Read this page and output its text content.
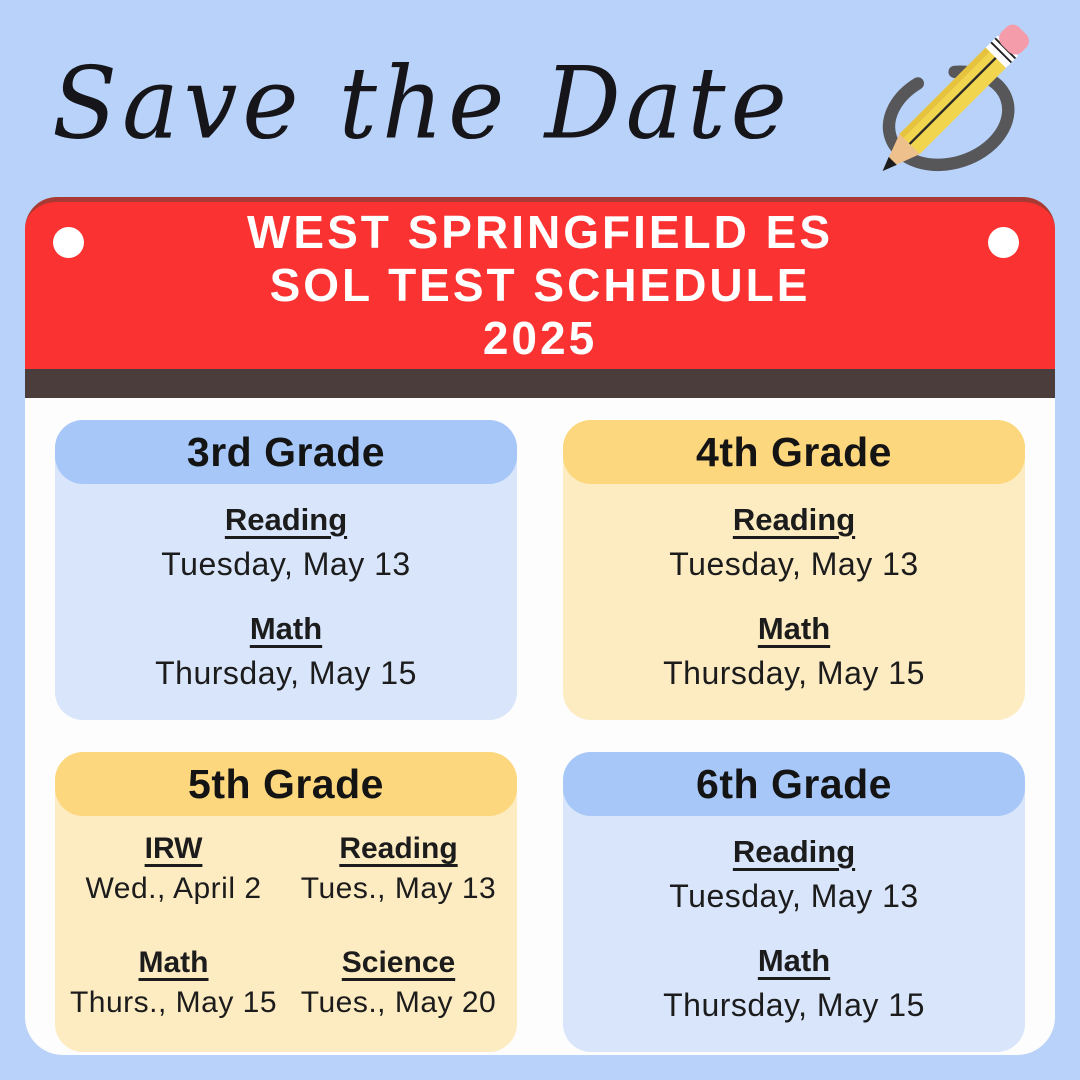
Save the Date
WEST SPRINGFIELD ES
SOL TEST SCHEDULE
2025
3rd Grade
Reading
Tuesday, May 13
Math
Thursday, May 15
4th Grade
Reading
Tuesday, May 13
Math
Thursday, May 15
5th Grade
IRW
Wed., April 2
Reading
Tues., May 13
Math
Thurs., May 15
Science
Tues., May 20
6th Grade
Reading
Tuesday, May 13
Math
Thursday, May 15
